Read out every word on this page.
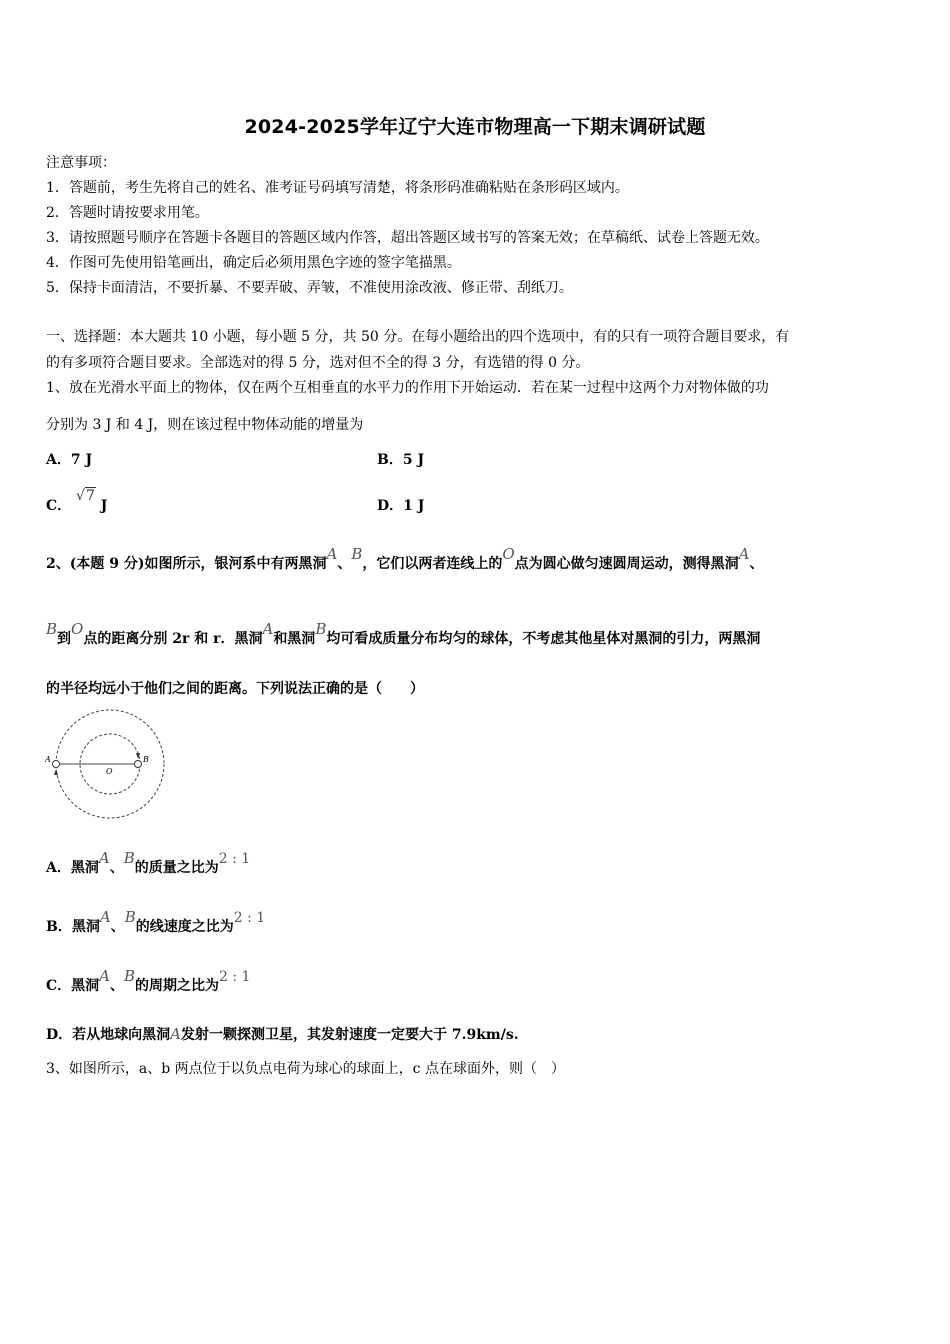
2024-2025学年辽宁大连市物理高一下期末调研试题
注意事项：
1．答题前，考生先将自己的姓名、准考证号码填写清楚，将条形码准确粘贴在条形码区域内。
2．答题时请按要求用笔。
3．请按照题号顺序在答题卡各题目的答题区域内作答，超出答题区域书写的答案无效；在草稿纸、试卷上答题无效。
4．作图可先使用铅笔画出，确定后必须用黑色字迹的签字笔描黑。
5．保持卡面清洁，不要折暴、不要弄破、弄皱，不准使用涂改液、修正带、刮纸刀。
一、选择题：本大题共 10 小题，每小题 5 分，共 50 分。在每小题给出的四个选项中，有的只有一项符合题目要求，有
的有多项符合题目要求。全部选对的得 5 分，选对但不全的得 3 分，有选错的得 0 分。
1、放在光滑水平面上的物体，仅在两个互相垂直的水平力的作用下开始运动．若在某一过程中这两个力对物体做的功
分别为 3 J 和 4 J，则在该过程中物体动能的增量为
A．7 J	B．5 J
C． √7 J	D．1 J
2、(本题 9 分)如图所示，银河系中有两黑洞A、B，它们以两者连线上的O点为圆心做匀速圆周运动，测得黑洞A、
B到O点的距离分别 2r 和 r．黑洞A和黑洞B均可看成质量分布均匀的球体，不考虑其他星体对黑洞的引力，两黑洞
的半径均远小于他们之间的距离。下列说法正确的是（　　）
A	B
O
A．黑洞A、B的质量之比为2 : 1
B．黑洞A、B的线速度之比为2 : 1
C．黑洞A、B的周期之比为2 : 1
D．若从地球向黑洞A发射一颗探测卫星，其发射速度一定要大于 7.9km/s.
3、如图所示，a、b 两点位于以负点电荷为球心的球面上，c 点在球面外，则（　）
